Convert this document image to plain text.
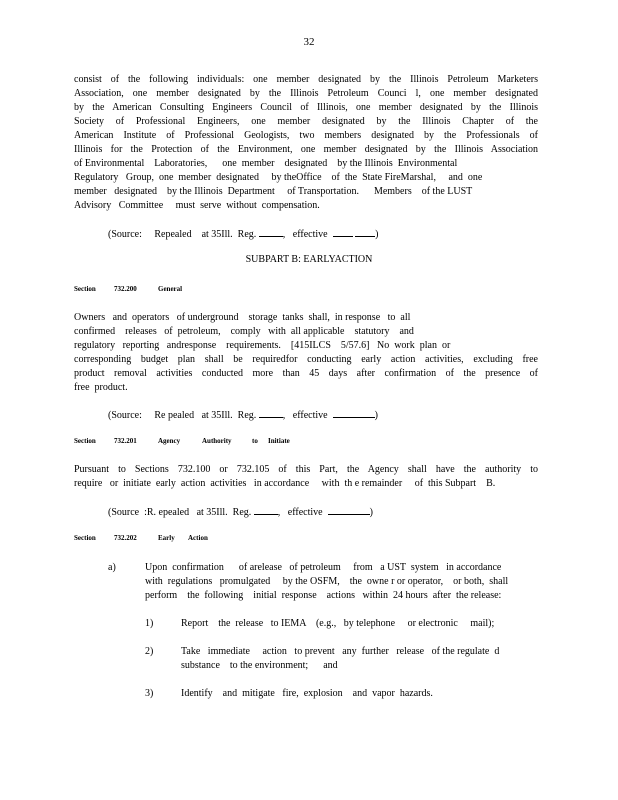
32
consist of the following individuals: one member designated by the Illinois Petroleum Marketers
Association, one member designated by the Illinois Petroleum Counci l, one member designated
by the American Consulting Engineers Council of Illinois, one member designated by the Illinois
Society of Professional Engineers, one member designated by the Illinois Chapter of the
American Institute of Professional Geologists, two members designated by the Professionals of
Illinois for the Protection of the Environment, one member designated by the Illinois Association
of Environmental    Laboratories,      one  member    designated    by the Illinois  Environmental
Regulatory   Group,  one  member  designated     by theOffice    of  the  State FireMarshal,     and  one
member   designated    by the Illinois  Department     of Transportation.      Members    of the LUST
Advisory   Committee     must  serve  without  compensation.
(Source:     Repealed    at 35Ill.  Reg.	,   effective	)
SUBPART B: EARLYACTION
Section	732.200	General
Owners   and  operators   of underground    storage  tanks  shall,  in response   to  all
confirmed    releases   of  petroleum,    comply   with  all applicable    statutory    and
regulatory   reporting   andresponse    requirements.    [415ILCS    5/57.6]   No  work  plan  or
corresponding budget plan shall be requiredfor conducting early action activities, excluding free
product removal activities conducted more than 45 days after confirmation of the presence of
free  product.
(Source:     Re pealed   at 35Ill.  Reg.	,   effective	)
Section	732.201	Agency	Authority	to Initiate
Pursuant to Sections 732.100 or 732.105 of this Part, the Agency shall have the authority to
require   or  initiate  early  action  activities   in accordance     with  th e remainder     of  this Subpart    B.
(Source  :R. epealed   at 35Ill.  Reg.	,   effective	)
Section	732.202	Early Action
a)	Upon  confirmation      of arelease   of petroleum     from   a UST  system   in accordance
with  regulations   promulgated     by the OSFM,    the  owne r or operator,    or both,  shall
perform    the  following    initial  response    actions   within  24 hours  after  the release:
1)	Report    the  release   to IEMA    (e.g.,   by telephone     or electronic     mail);
2)	Take   immediate     action   to prevent   any  further   release   of the regulate  d
substance    to the environment;      and
3)	Identify    and  mitigate   fire,  explosion    and  vapor  hazards.
